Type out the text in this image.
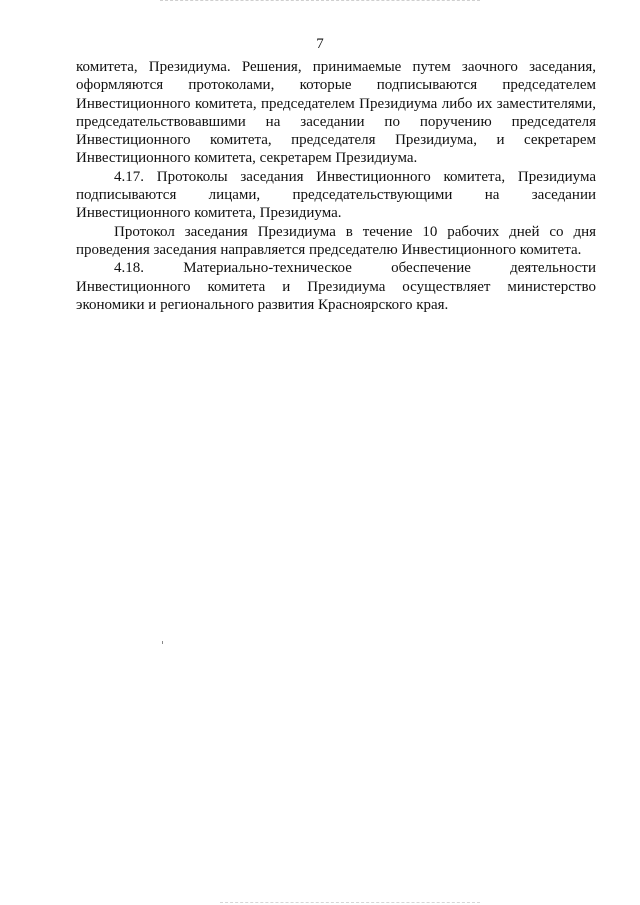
7

комитета, Президиума. Решения, принимаемые путем заочного заседания, оформляются протоколами, которые подписываются председателем Инвестиционного комитета, председателем Президиума либо их заместителями, председательствовавшими на заседании по поручению председателя Инвестиционного комитета, председателя Президиума, и секретарем Инвестиционного комитета, секретарем Президиума.

4.17. Протоколы заседания Инвестиционного комитета, Президиума подписываются лицами, председательствующими на заседании Инвестиционного комитета, Президиума.

Протокол заседания Президиума в течение 10 рабочих дней со дня проведения заседания направляется председателю Инвестиционного комитета.

4.18. Материально-техническое обеспечение деятельности Инвестиционного комитета и Президиума осуществляет министерство экономики и регионального развития Красноярского края.
